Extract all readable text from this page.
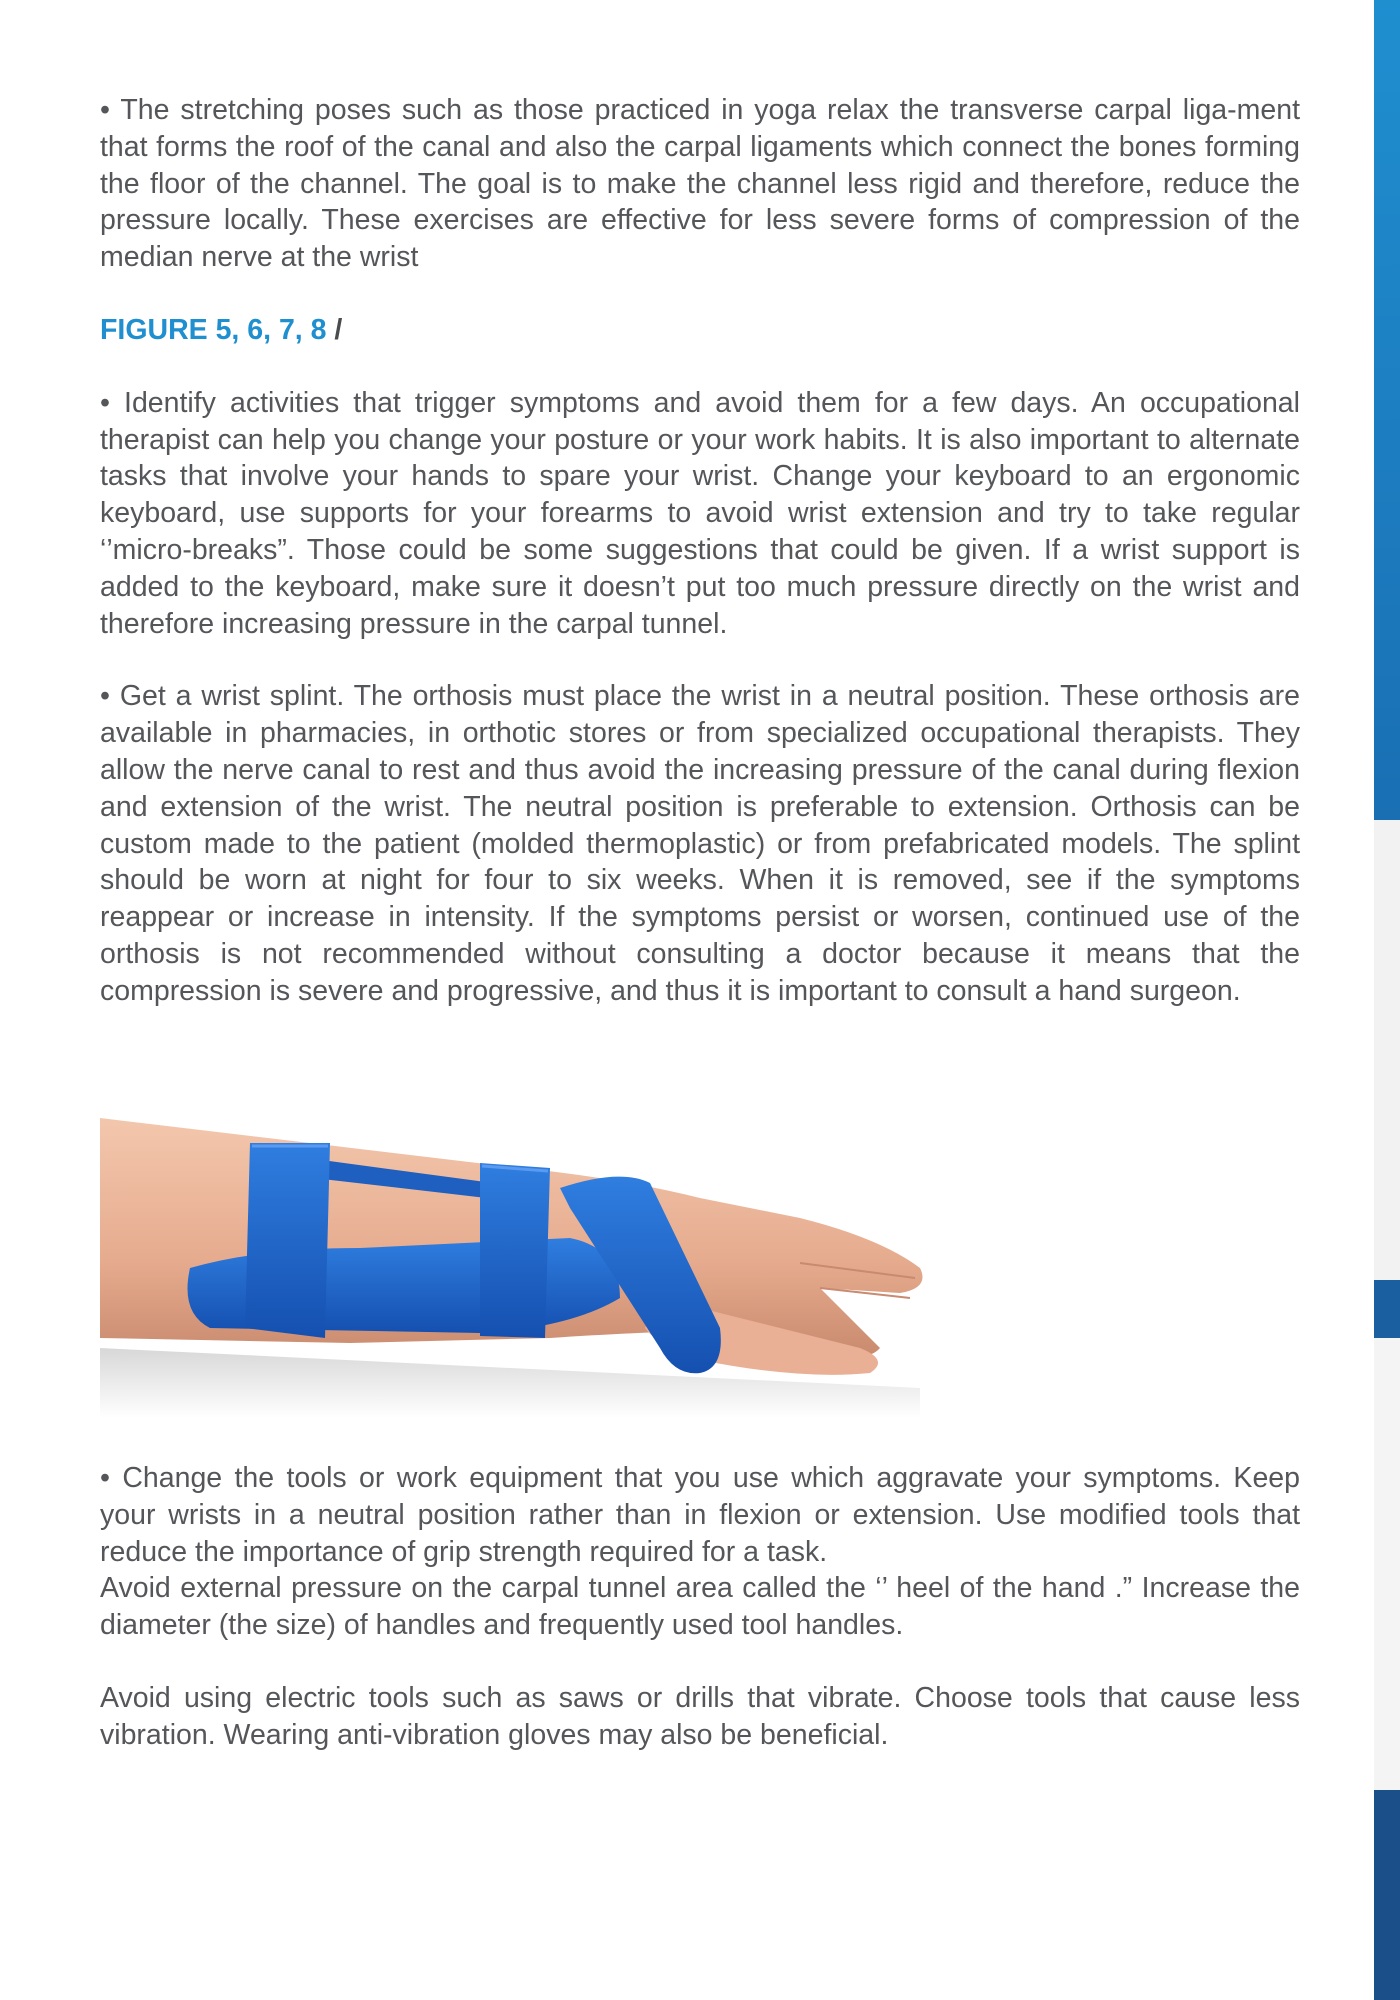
• The stretching poses such as those practiced in yoga relax the transverse carpal liga-ment that forms the roof of the canal and also the carpal ligaments which connect the bones forming the floor of the channel. The goal is to make the channel less rigid and therefore, reduce the pressure locally. These exercises are effective for less severe forms of compression of the median nerve at the wrist

FIGURE 5, 6, 7, 8 /

• Identify activities that trigger symptoms and avoid them for a few days. An occupational therapist can help you change your posture or your work habits. It is also important to alternate tasks that involve your hands to spare your wrist. Change your keyboard to an ergonomic keyboard, use supports for your forearms to avoid wrist extension and try to take regular ‘’micro-breaks”. Those could be some suggestions that could be given. If a wrist support is added to the keyboard, make sure it doesn’t put too much pressure directly on the wrist and therefore increasing pressure in the carpal tunnel.

• Get a wrist splint. The orthosis must place the wrist in a neutral position. These orthosis are available in pharmacies, in orthotic stores or from specialized occupational therapists. They allow the nerve canal to rest and thus avoid the increasing pressure of the canal during flexion and extension of the wrist. The neutral position is preferable to extension. Orthosis can be custom made to the patient (molded thermoplastic) or from prefabricated models. The splint should be worn at night for four to six weeks. When it is removed, see if the symptoms reappear or increase in intensity. If the symptoms persist or worsen, continued use of the orthosis is not recommended without consulting a doctor because it means that the compression is severe and progressive, and thus it is important to consult a hand surgeon.

• Change the tools or work equipment that you use which aggravate your symptoms. Keep your wrists in a neutral position rather than in flexion or extension. Use modified tools that reduce the importance of grip strength required for a task.

Avoid external pressure on the carpal tunnel area called the ‘’ heel of the hand .” Increase the diameter (the size) of handles and frequently used tool handles.

Avoid using electric tools such as saws or drills that vibrate. Choose tools that cause less vibration. Wearing anti-vibration gloves may also be beneficial.
